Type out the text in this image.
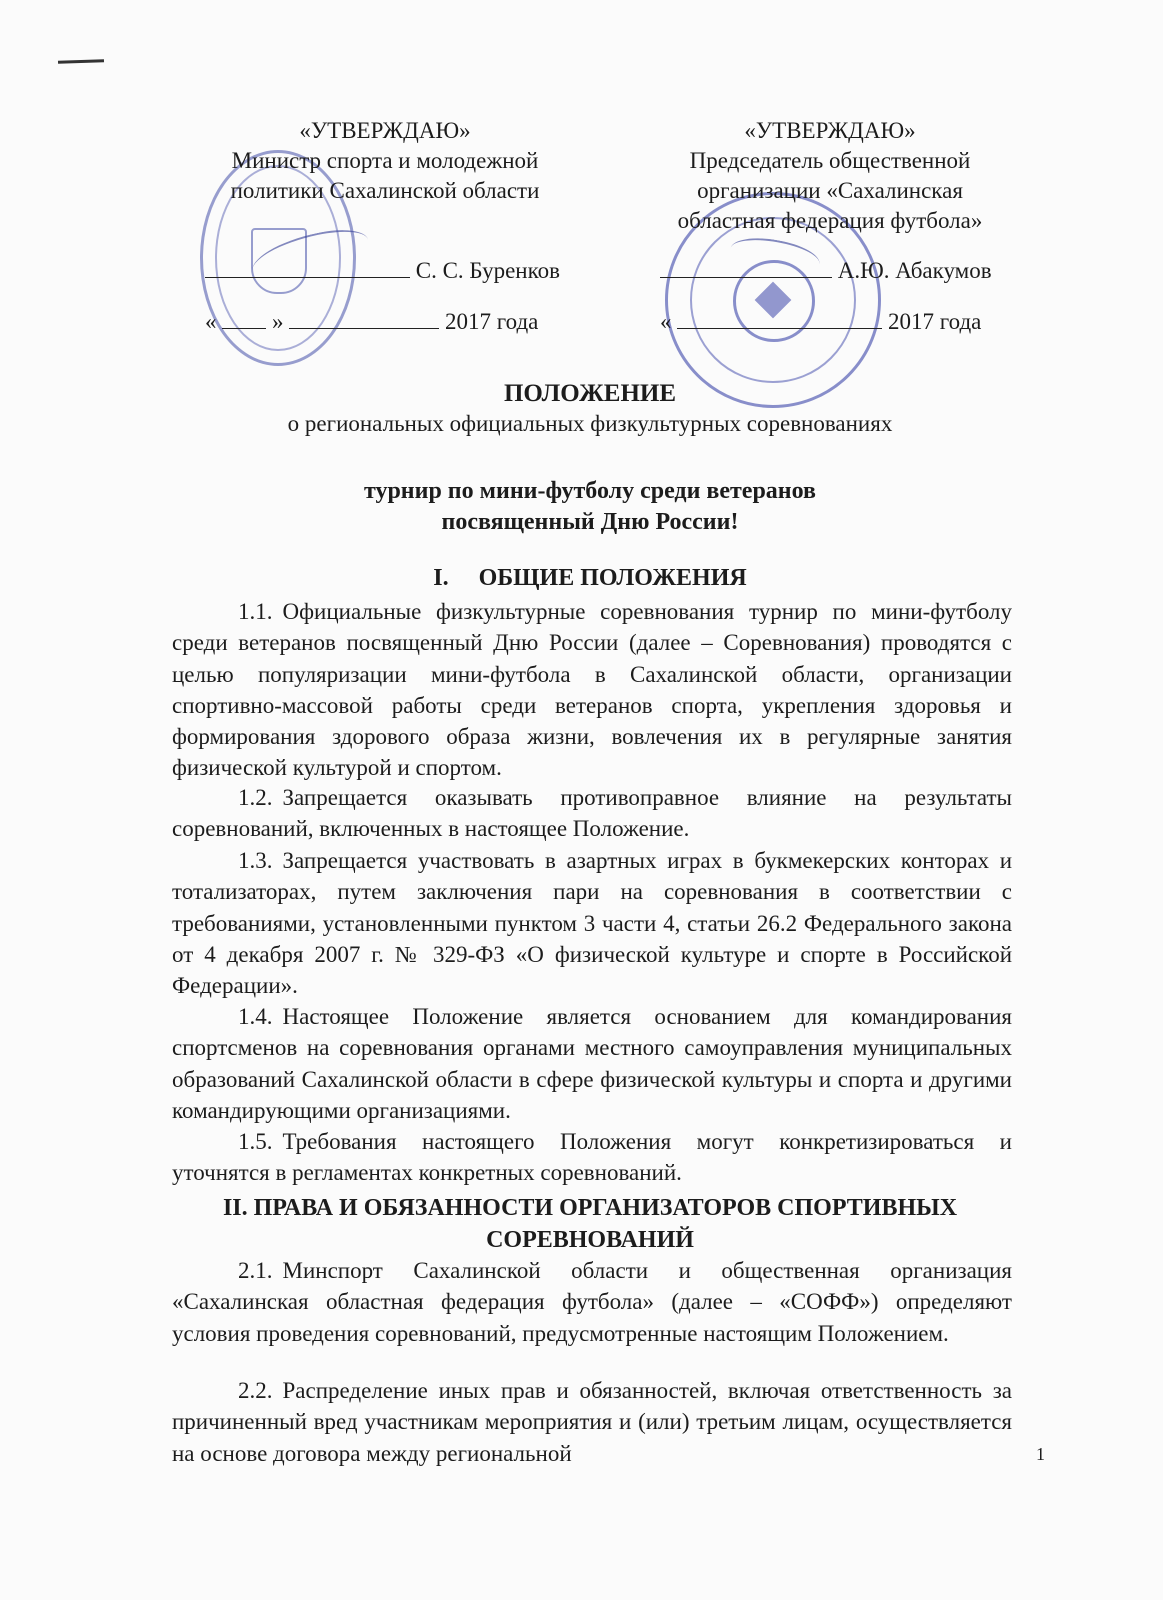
«УТВЕРЖДАЮ»
Министр спорта и молодежной
политики Сахалинской области
С. С. Буренков
« »	2017 года
«УТВЕРЖДАЮ»
Председатель общественной
организации «Сахалинская
областная федерация футбола»
А.Ю. Абакумов
«	2017 года
ПОЛОЖЕНИЕ
о региональных официальных физкультурных соревнованиях
турнир по мини-футболу среди ветеранов
посвященный Дню России!
I.     ОБЩИЕ ПОЛОЖЕНИЯ
1.1. Официальные физкультурные соревнования турнир по мини-футболу среди ветеранов посвященный Дню России (далее – Соревнования) проводятся с целью популяризации мини-футбола в Сахалинской области, организации спортивно-массовой работы среди ветеранов спорта, укрепления здоровья и формирования здорового образа жизни, вовлечения их в регулярные занятия физической культурой и спортом.
1.2. Запрещается оказывать противоправное влияние на результаты соревнований, включенных в настоящее Положение.
1.3. Запрещается участвовать в азартных играх в букмекерских конторах и тотализаторах, путем заключения пари на соревнования в соответствии с требованиями, установленными пунктом 3 части 4, статьи 26.2 Федерального закона от 4 декабря 2007 г. № 329-ФЗ «О физической культуре и спорте в Российской Федерации».
1.4. Настоящее Положение является основанием для командирования спортсменов на соревнования органами местного самоуправления муниципальных образований Сахалинской области в сфере физической культуры и спорта и другими командирующими организациями.
1.5. Требования настоящего Положения могут конкретизироваться и уточнятся в регламентах конкретных соревнований.
II. ПРАВА И ОБЯЗАННОСТИ ОРГАНИЗАТОРОВ СПОРТИВНЫХ СОРЕВНОВАНИЙ
2.1. Минспорт Сахалинской области и общественная организация «Сахалинская областная федерация футбола» (далее – «СОФФ») определяют условия проведения соревнований, предусмотренные настоящим Положением.
2.2. Распределение иных прав и обязанностей, включая ответственность за причиненный вред участникам мероприятия и (или) третьим лицам, осуществляется на основе договора между региональной	1
